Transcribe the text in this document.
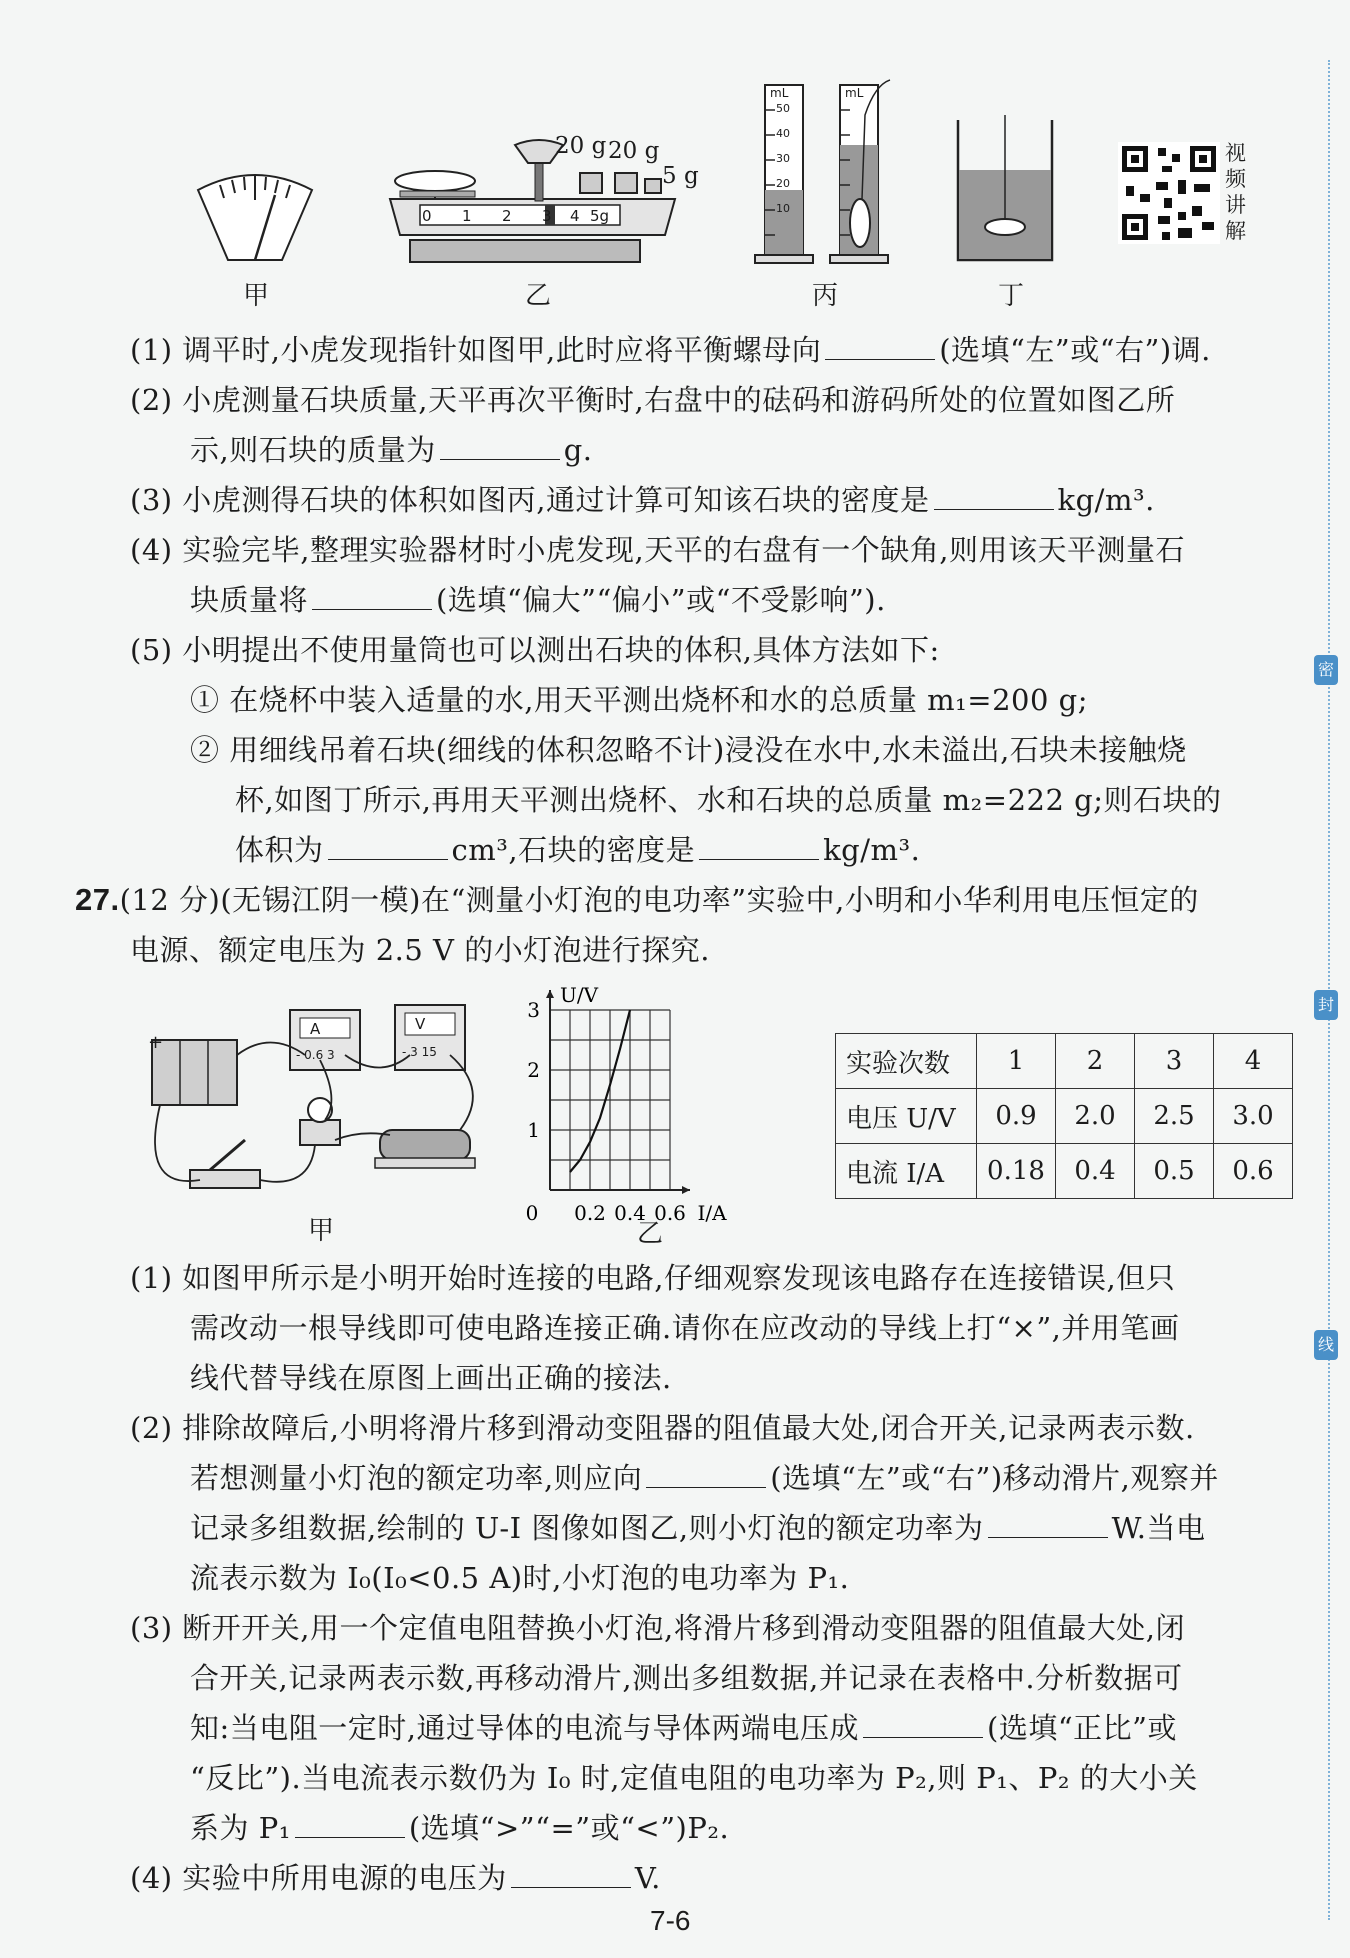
密
封
线
甲
20 g 20 g
5 g
0 1 2 3 4 5g
乙
mL	mL
50
40
30
20
10
丙	丁
视频讲解
(1) 调平时,小虎发现指针如图甲,此时应将平衡螺母向	(选填“左”或“右”)调.
(2) 小虎测量石块质量,天平再次平衡时,右盘中的砝码和游码所处的位置如图乙所
示,则石块的质量为	g.
(3) 小虎测得石块的体积如图丙,通过计算可知该石块的密度是	kg/m³.
(4) 实验完毕,整理实验器材时小虎发现,天平的右盘有一个缺角,则用该天平测量石
块质量将	(选填“偏大”“偏小”或“不受影响”).
(5) 小明提出不使用量筒也可以测出石块的体积,具体方法如下:
① 在烧杯中装入适量的水,用天平测出烧杯和水的总质量 m₁=200 g;
② 用细线吊着石块(细线的体积忽略不计)浸没在水中,水未溢出,石块未接触烧
杯,如图丁所示,再用天平测出烧杯、水和石块的总质量 m₂=222 g;则石块的
体积为	cm³,石块的密度是	kg/m³.
27.(12 分)(无锡江阴一模)在“测量小灯泡的电功率”实验中,小明和小华利用电压恒定的
电源、额定电压为 2.5 V 的小灯泡进行探究.
+
A
- 0.6 3
V
- 3 15
甲
0 0.2 0.4 0.6
1
2
3
I/A
U/V
乙
实验次数	1	2	3	4
电压 U/V	0.9	2.0	2.5	3.0
电流 I/A	0.18	0.4	0.5	0.6
(1) 如图甲所示是小明开始时连接的电路,仔细观察发现该电路存在连接错误,但只
需改动一根导线即可使电路连接正确.请你在应改动的导线上打“×”,并用笔画
线代替导线在原图上画出正确的接法.
(2) 排除故障后,小明将滑片移到滑动变阻器的阻值最大处,闭合开关,记录两表示数.
若想测量小灯泡的额定功率,则应向	(选填“左”或“右”)移动滑片,观察并
记录多组数据,绘制的 U-I 图像如图乙,则小灯泡的额定功率为	W.当电
流表示数为 I₀(I₀<0.5 A)时,小灯泡的电功率为 P₁.
(3) 断开开关,用一个定值电阻替换小灯泡,将滑片移到滑动变阻器的阻值最大处,闭
合开关,记录两表示数,再移动滑片,测出多组数据,并记录在表格中.分析数据可
知:当电阻一定时,通过导体的电流与导体两端电压成	(选填“正比”或
“反比”).当电流表示数仍为 I₀ 时,定值电阻的电功率为 P₂,则 P₁、P₂ 的大小关
系为 P₁	(选填“>”“=”或“<”)P₂.
(4) 实验中所用电源的电压为	V.
7-6
